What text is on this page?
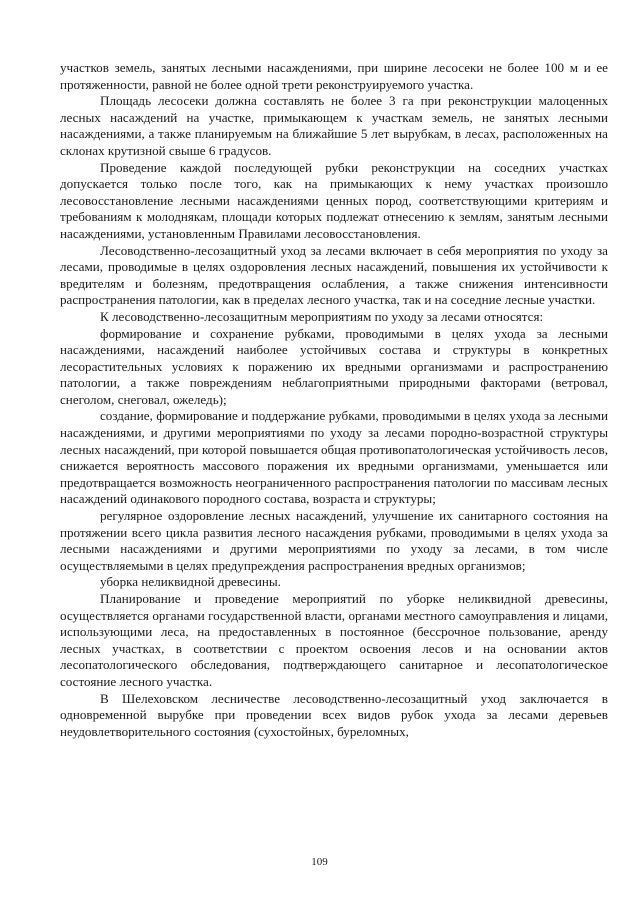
участков земель, занятых лесными насаждениями, при ширине лесосеки не более 100 м и ее протяженности, равной не более одной трети реконструируемого участка.

Площадь лесосеки должна составлять не более 3 га при реконструкции малоценных лесных насаждений на участке, примыкающем к участкам земель, не занятых лесными насаждениями, а также планируемым на ближайшие 5 лет вырубкам, в лесах, расположенных на склонах крутизной свыше 6 градусов.

Проведение каждой последующей рубки реконструкции на соседних участках допускается только после того, как на примыкающих к нему участках произошло лесовосстановление лесными насаждениями ценных пород, соответствующими критериям и требованиям к молоднякам, площади которых подлежат отнесению к землям, занятым лесными насаждениями, установленным Правилами лесовосстановления.

Лесоводственно-лесозащитный уход за лесами включает в себя мероприятия по уходу за лесами, проводимые в целях оздоровления лесных насаждений, повышения их устойчивости к вредителям и болезням, предотвращения ослабления, а также снижения интенсивности распространения патологии, как в пределах лесного участка, так и на соседние лесные участки.

К лесоводственно-лесозащитным мероприятиям по уходу за лесами относятся:

формирование и сохранение рубками, проводимыми в целях ухода за лесными насаждениями, насаждений наиболее устойчивых состава и структуры в конкретных лесорастительных условиях к поражению их вредными организмами и распространению патологии, а также повреждениям неблагоприятными природными факторами (ветровал, снеголом, снеговал, ожеледь);

создание, формирование и поддержание рубками, проводимыми в целях ухода за лесными насаждениями, и другими мероприятиями по уходу за лесами породно-возрастной структуры лесных насаждений, при которой повышается общая противопатологическая устойчивость лесов, снижается вероятность массового поражения их вредными организмами, уменьшается или предотвращается возможность неограниченного распространения патологии по массивам лесных насаждений одинакового породного состава, возраста и структуры;

регулярное оздоровление лесных насаждений, улучшение их санитарного состояния на протяжении всего цикла развития лесного насаждения рубками, проводимыми в целях ухода за лесными насаждениями и другими мероприятиями по уходу за лесами, в том числе осуществляемыми в целях предупреждения распространения вредных организмов;

уборка неликвидной древесины.

Планирование и проведение мероприятий по уборке неликвидной древесины, осуществляется органами государственной власти, органами местного самоуправления и лицами, использующими леса, на предоставленных в постоянное (бессрочное пользование, аренду лесных участках, в соответствии с проектом освоения лесов и на основании актов лесопатологического обследования, подтверждающего санитарное и лесопатологическое состояние лесного участка.

В Шелеховском лесничестве лесоводственно-лесозащитный уход заключается в одновременной вырубке при проведении всех видов рубок ухода за лесами деревьев неудовлетворительного состояния (сухостойных, буреломных,

109
